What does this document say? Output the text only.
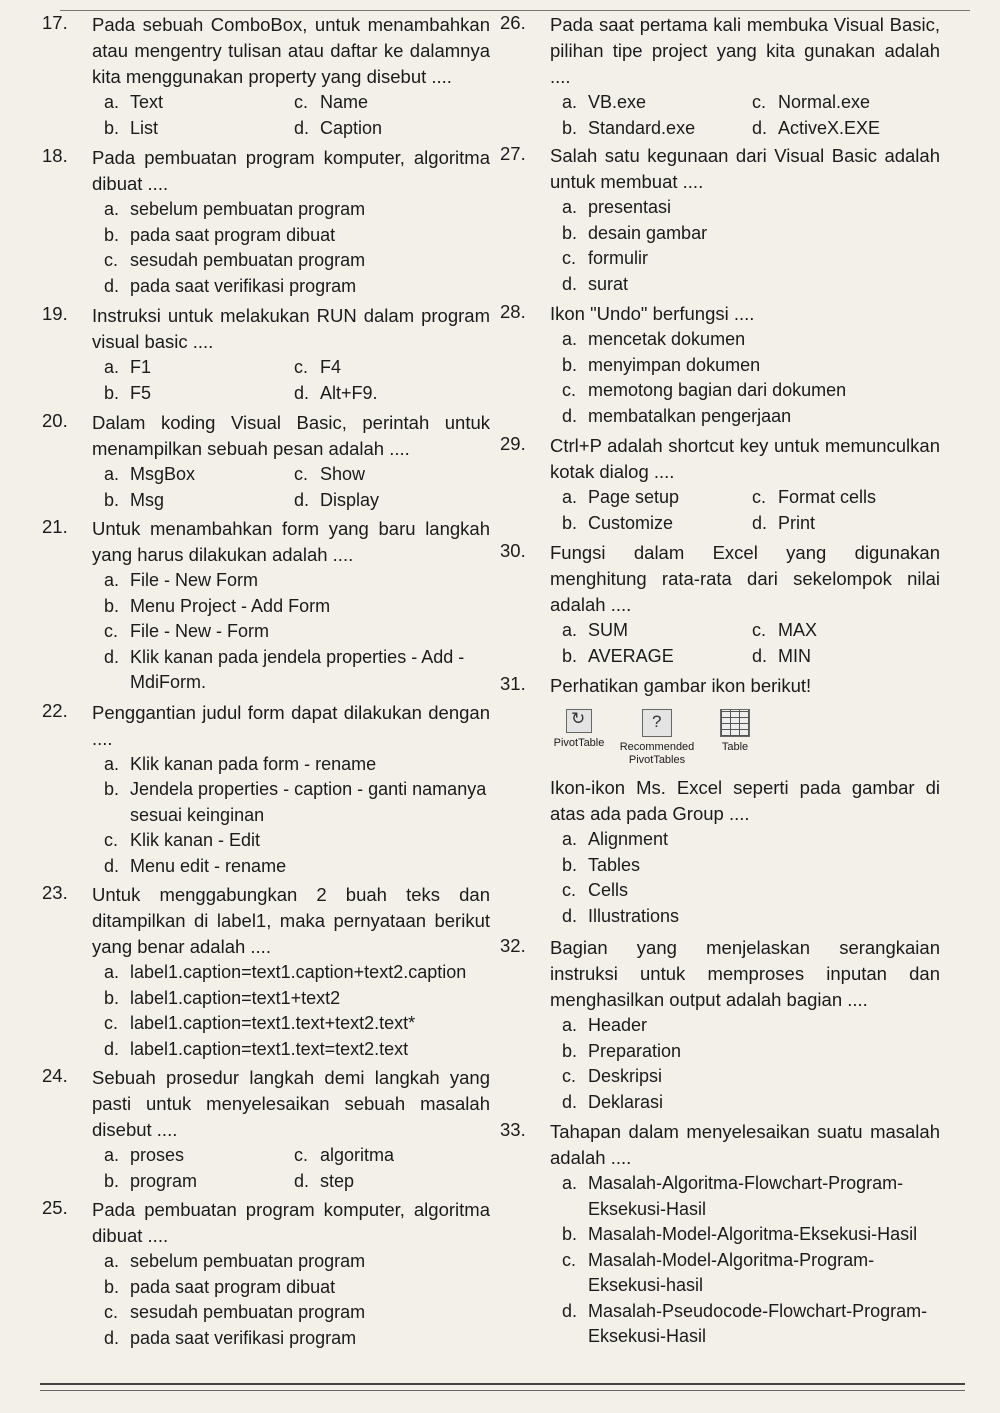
17. Pada sebuah ComboBox, untuk menambahkan atau mengentry tulisan atau daftar ke dalamnya kita menggunakan property yang disebut ....
a. Text	c. Name
b. List	d. Caption
18. Pada pembuatan program komputer, algoritma dibuat ....
a. sebelum pembuatan program
b. pada saat program dibuat
c. sesudah pembuatan program
d. pada saat verifikasi program
19. Instruksi untuk melakukan RUN dalam program visual basic ....
a. F1	c. F4
b. F5	d. Alt+F9.
20. Dalam koding Visual Basic, perintah untuk menampilkan sebuah pesan adalah ....
a. MsgBox	c. Show
b. Msg	d. Display
21. Untuk menambahkan form yang baru langkah yang harus dilakukan adalah ....
a. File - New Form
b. Menu Project - Add Form
c. File - New - Form
d. Klik kanan pada jendela properties - Add - MdiForm.
22. Penggantian judul form dapat dilakukan dengan ....
a. Klik kanan pada form - rename
b. Jendela properties - caption - ganti namanya sesuai keinginan
c. Klik kanan - Edit
d. Menu edit - rename
23. Untuk menggabungkan 2 buah teks dan ditampilkan di label1, maka pernyataan berikut yang benar adalah ....
a. label1.caption=text1.caption+text2.caption
b. label1.caption=text1+text2
c. label1.caption=text1.text+text2.text*
d. label1.caption=text1.text=text2.text
24. Sebuah prosedur langkah demi langkah yang pasti untuk menyelesaikan sebuah masalah disebut ....
a. proses	c. algoritma
b. program	d. step
25. Pada pembuatan program komputer, algoritma dibuat ....
a. sebelum pembuatan program
b. pada saat program dibuat
c. sesudah pembuatan program
d. pada saat verifikasi program
26. Pada saat pertama kali membuka Visual Basic, pilihan tipe project yang kita gunakan adalah ....
a. VB.exe	c. Normal.exe
b. Standard.exe	d. ActiveX.EXE
27. Salah satu kegunaan dari Visual Basic adalah untuk membuat ....
a. presentasi
b. desain gambar
c. formulir
d. surat
28. Ikon "Undo" berfungsi ....
a. mencetak dokumen
b. menyimpan dokumen
c. memotong bagian dari dokumen
d. membatalkan pengerjaan
29. Ctrl+P adalah shortcut key untuk memunculkan kotak dialog ....
a. Page setup	c. Format cells
b. Customize	d. Print
30. Fungsi dalam Excel yang digunakan menghitung rata-rata dari sekelompok nilai adalah ....
a. SUM	c. MAX
b. AVERAGE	d. MIN
31. Perhatikan gambar ikon berikut!
↻
PivotTable
? Recommended PivotTables
Table
Ikon-ikon Ms. Excel seperti pada gambar di atas ada pada Group ....
a. Alignment
b. Tables
c. Cells
d. Illustrations
32. Bagian yang menjelaskan serangkaian instruksi untuk memproses inputan dan menghasilkan output adalah bagian ....
a. Header
b. Preparation
c. Deskripsi
d. Deklarasi
33. Tahapan dalam menyelesaikan suatu masalah adalah ....
a. Masalah-Algoritma-Flowchart-Program-Eksekusi-Hasil
b. Masalah-Model-Algoritma-Eksekusi-Hasil
c. Masalah-Model-Algoritma-Program-Eksekusi-hasil
d. Masalah-Pseudocode-Flowchart-Program-Eksekusi-Hasil
